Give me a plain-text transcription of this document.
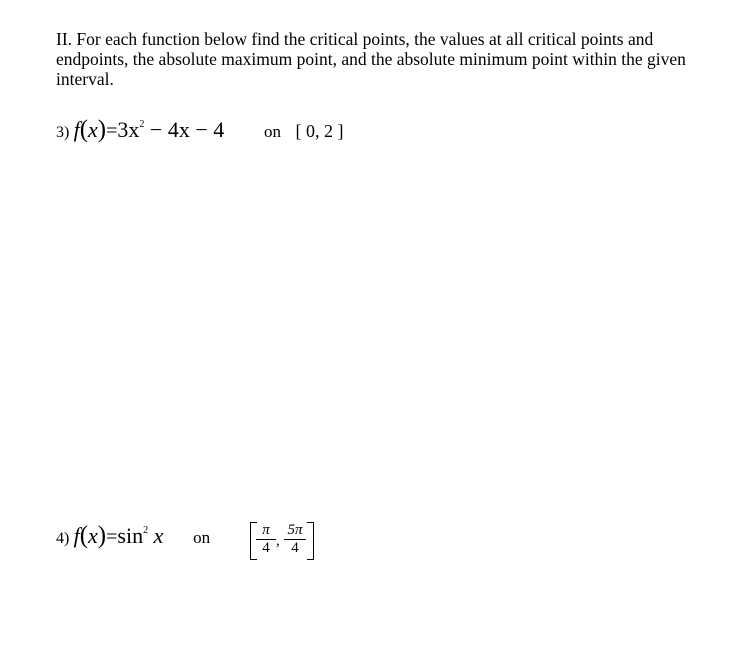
II. For each function below find the critical points, the values at all critical points and endpoints, the absolute maximum point, and the absolute minimum point within the given interval.
3) $f(x)=3x^2 - 4x - 4$ on [ 0, 2 ]
4) $f(x)=\sin^2$ x on	π
4 ,
5π
4
